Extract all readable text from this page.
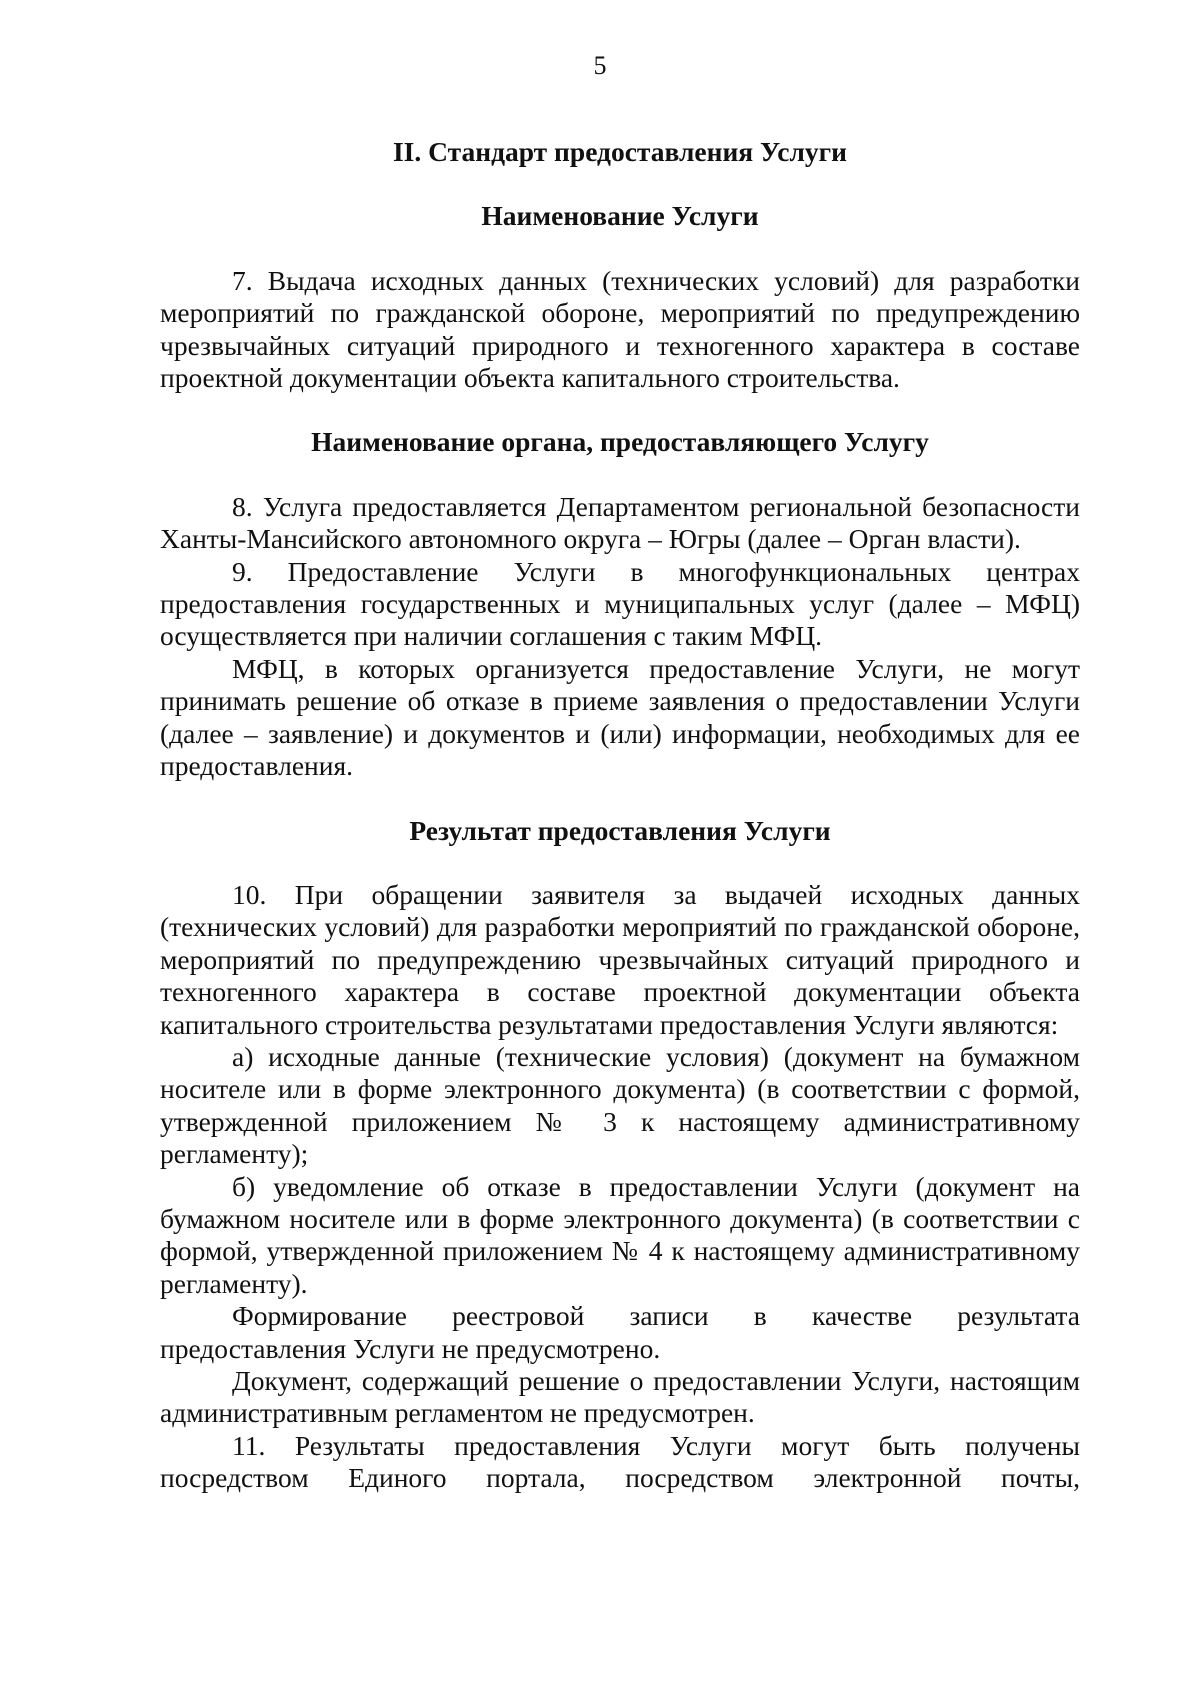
5

II. Стандарт предоставления Услуги

Наименование Услуги

7. Выдача исходных данных (технических условий) для разработки мероприятий по гражданской обороне, мероприятий по предупреждению чрезвычайных ситуаций природного и техногенного характера в составе проектной документации объекта капитального строительства.

Наименование органа, предоставляющего Услугу

8. Услуга предоставляется Департаментом региональной безопасности Ханты-Мансийского автономного округа – Югры (далее – Орган власти).

9. Предоставление Услуги в многофункциональных центрах предоставления государственных и муниципальных услуг (далее – МФЦ) осуществляется при наличии соглашения с таким МФЦ.

МФЦ, в которых организуется предоставление Услуги, не могут принимать решение об отказе в приеме заявления о предоставлении Услуги (далее – заявление) и документов и (или) информации, необходимых для ее предоставления.

Результат предоставления Услуги

10. При обращении заявителя за выдачей исходных данных (технических условий) для разработки мероприятий по гражданской обороне, мероприятий по предупреждению чрезвычайных ситуаций природного и техногенного характера в составе проектной документации объекта капитального строительства результатами предоставления Услуги являются:

а) исходные данные (технические условия) (документ на бумажном носителе или в форме электронного документа) (в соответствии с формой, утвержденной приложением № 3 к настоящему административному регламенту);

б) уведомление об отказе в предоставлении Услуги (документ на бумажном носителе или в форме электронного документа) (в соответствии с формой, утвержденной приложением № 4 к настоящему административному регламенту).

Формирование реестровой записи в качестве результата предоставления Услуги не предусмотрено.

Документ, содержащий решение о предоставлении Услуги, настоящим административным регламентом не предусмотрен.

11. Результаты предоставления Услуги могут быть получены посредством Единого портала, посредством электронной почты,
